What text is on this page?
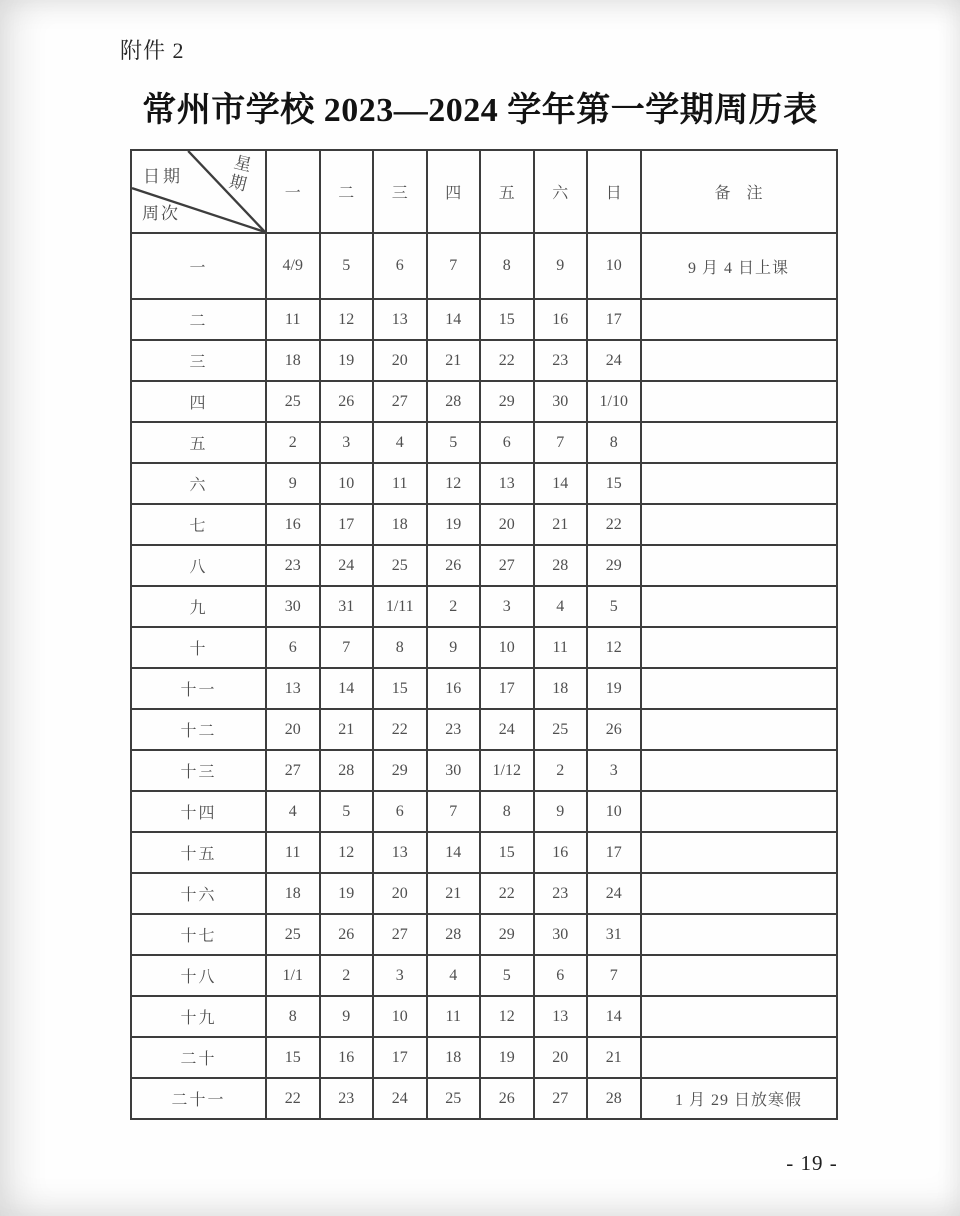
附件 2
常州市学校 2023—2024 学年第一学期周历表
日期
星期
周次	一	二	三	四	五	六	日	备　注
一	4/9	5	6	7	8	9	10	9 月 4 日上课
二	11	12	13	14	15	16	17	
三	18	19	20	21	22	23	24	
四	25	26	27	28	29	30	1/10	
五	2	3	4	5	6	7	8	
六	9	10	11	12	13	14	15	
七	16	17	18	19	20	21	22	
八	23	24	25	26	27	28	29	
九	30	31	1/11	2	3	4	5	
十	6	7	8	9	10	11	12	
十一	13	14	15	16	17	18	19	
十二	20	21	22	23	24	25	26	
十三	27	28	29	30	1/12	2	3	
十四	4	5	6	7	8	9	10	
十五	11	12	13	14	15	16	17	
十六	18	19	20	21	22	23	24	
十七	25	26	27	28	29	30	31	
十八	1/1	2	3	4	5	6	7	
十九	8	9	10	11	12	13	14	
二十	15	16	17	18	19	20	21	
二十一	22	23	24	25	26	27	28	1 月 29 日放寒假
- 19 -
